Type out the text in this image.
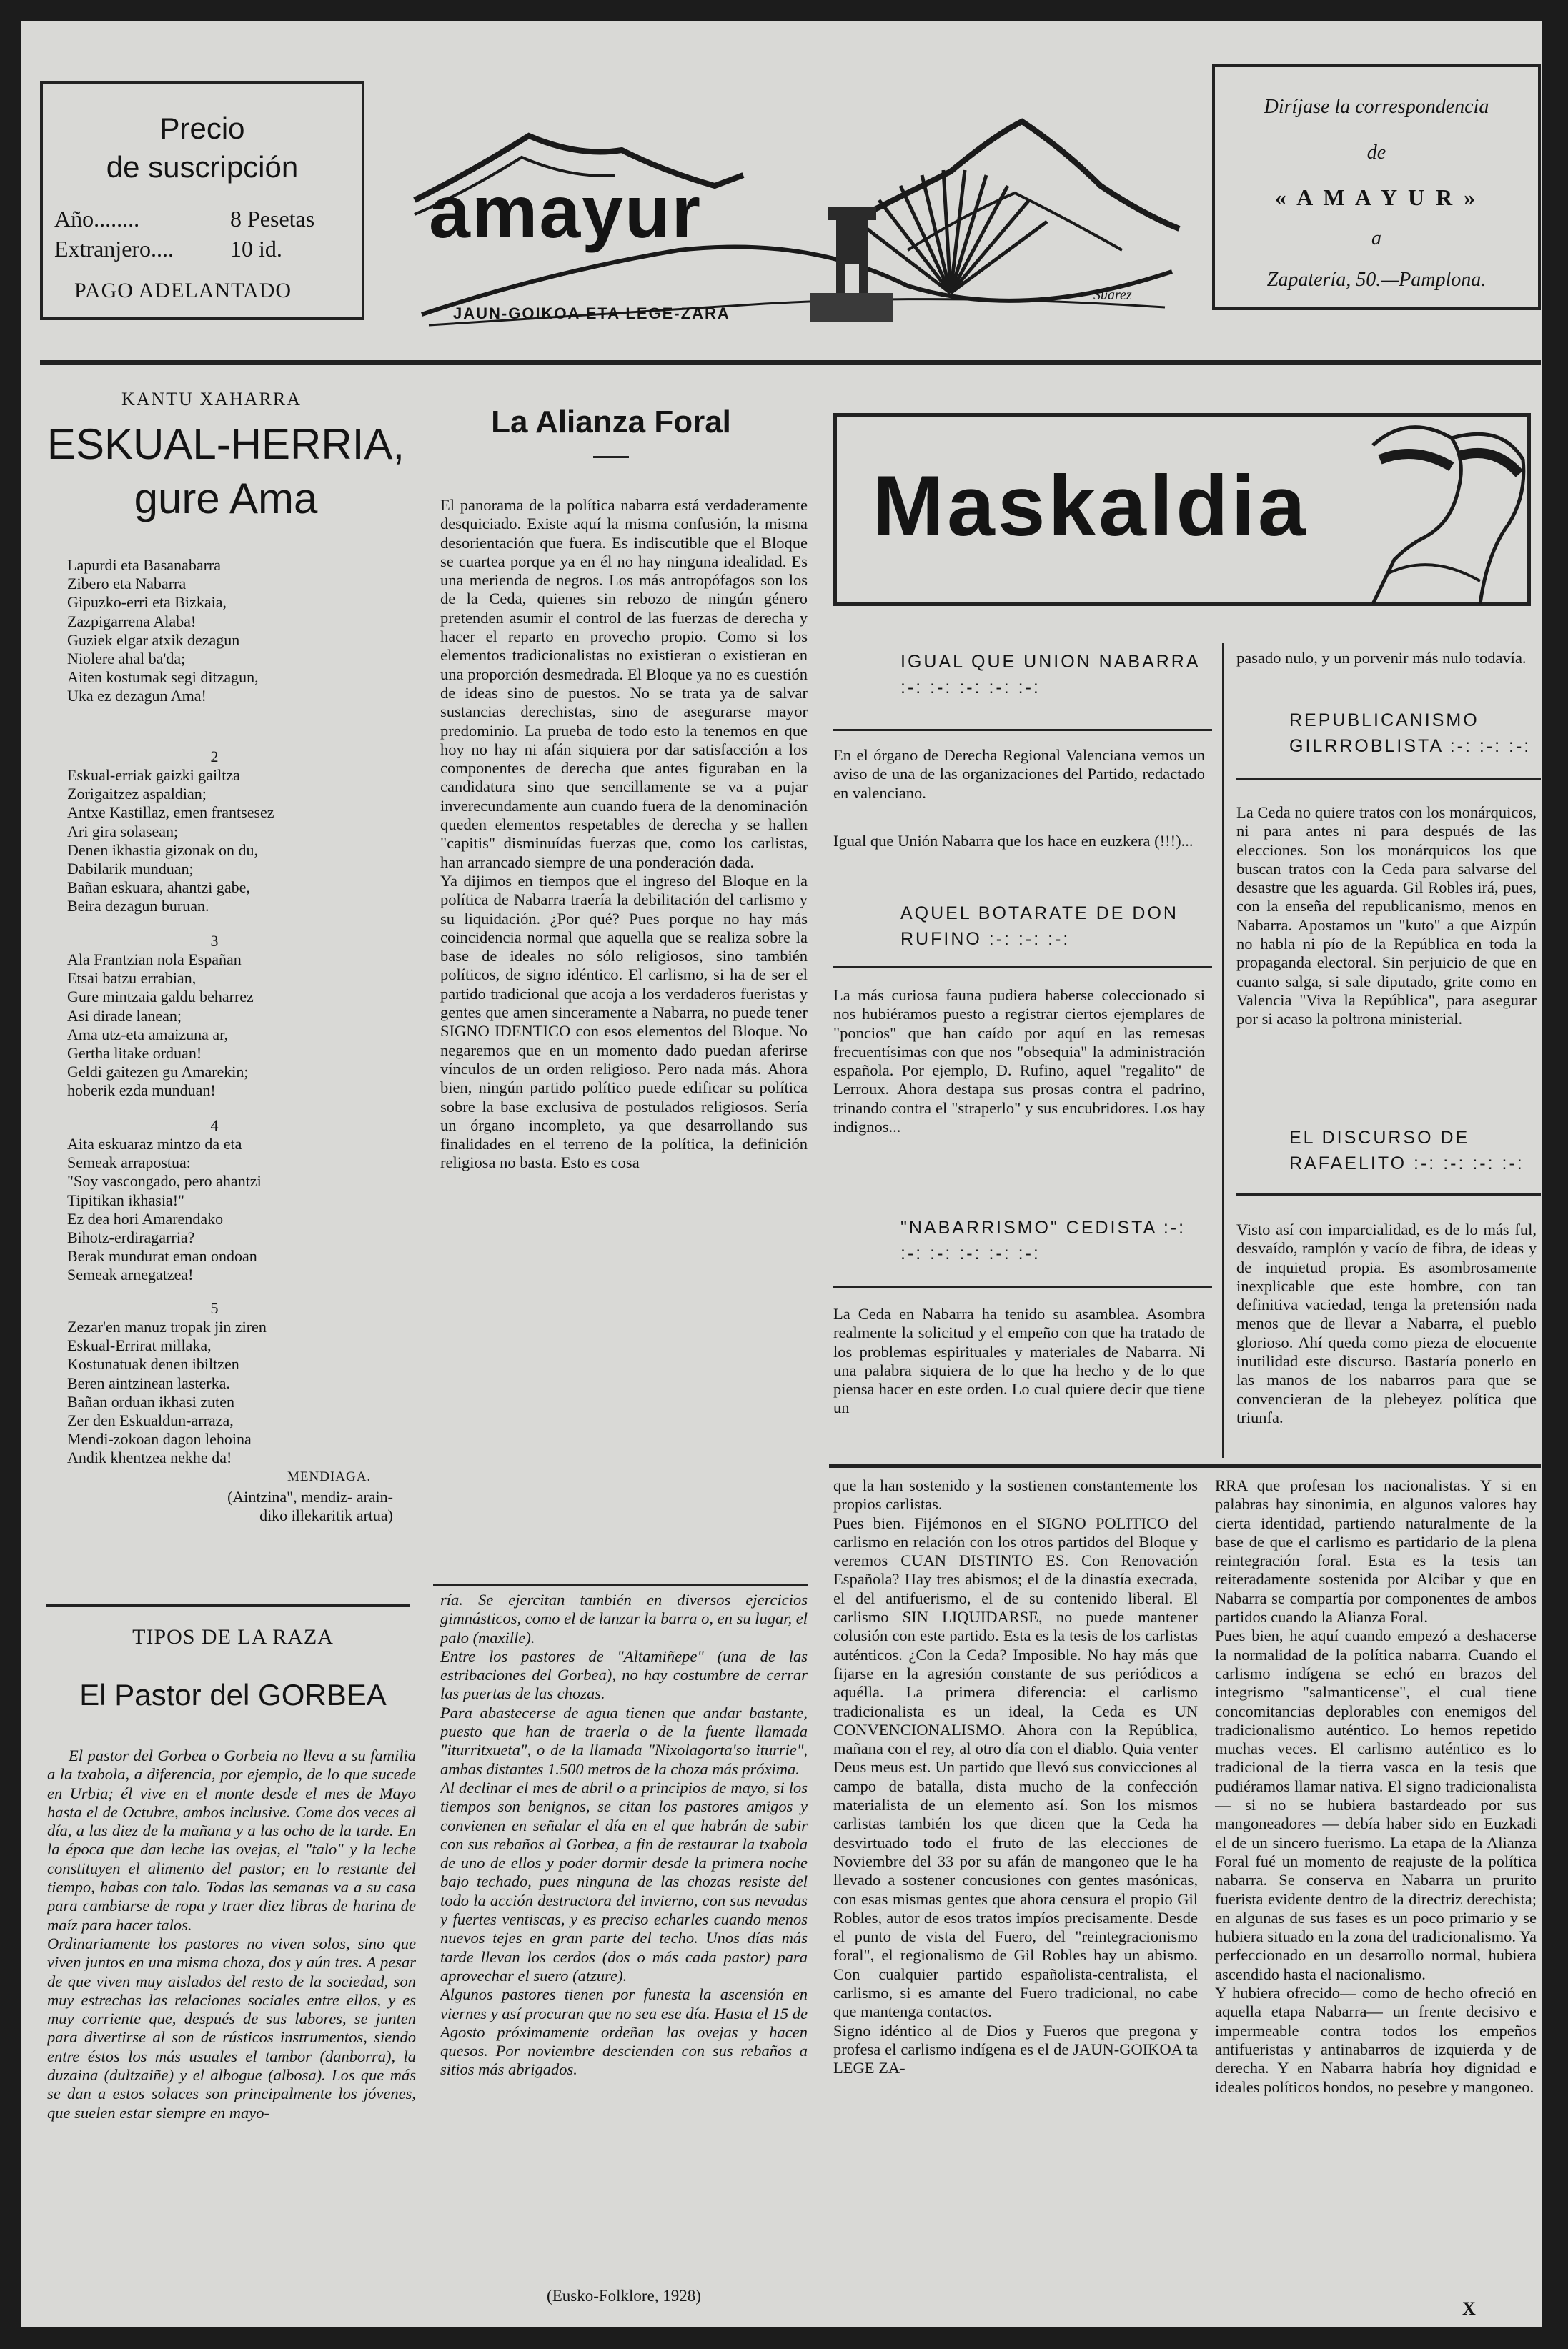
Precio
de suscripción
Año........	8 Pesetas
Extranjero.... 10 id.
PAGO ADELANTADO
amayur
JAUN-GOIKOA ETA LEGE-ZARA
Suarez
Diríjase la correspondencia
de
« A M A Y U R »
a
Zapatería, 50.—Pamplona.
KANTU XAHARRA
ESKUAL-HERRIA,
gure Ama
Lapurdi eta Basanabarra
Zibero eta Nabarra
Gipuzko-erri eta Bizkaia,
Zazpigarrena Alaba!
Guziek elgar atxik dezagun
Niolere ahal ba'da;
Aiten kostumak segi ditzagun,
Uka ez dezagun Ama!
2
Eskual-erriak gaizki gailtza
Zorigaitzez aspaldian;
Antxe Kastillaz, emen frantsesez
Ari gira solasean;
Denen ikhastia gizonak on du,
Dabilarik munduan;
Bañan eskuara, ahantzi gabe,
Beira dezagun buruan.
3
Ala Frantzian nola Españan
Etsai batzu errabian,
Gure mintzaia galdu beharrez
Asi dirade lanean;
Ama utz-eta amaizuna ar,
Gertha litake orduan!
Geldi gaitezen gu Amarekin;
hoberik ezda munduan!
4
Aita eskuaraz mintzo da eta
Semeak arrapostua:
"Soy vascongado, pero ahantzi
Tipitikan ikhasia!"
Ez dea hori Amarendako
Bihotz-erdiragarria?
Berak mundurat eman ondoan
Semeak arnegatzea!
5
Zezar'en manuz tropak jin ziren
Eskual-Errirat millaka,
Kostunatuak denen ibiltzen
Beren aintzinean lasterka.
Bañan orduan ikhasi zuten
Zer den Eskualdun-arraza,
Mendi-zokoan dagon lehoina
Andik khentzea nekhe da!
MENDIAGA.
(Aintzina", mendiz- arain-
diko illekaritik artua)
TIPOS DE LA RAZA
El Pastor del GORBEA
El pastor del Gorbea o Gorbeia no lleva a su familia a la txabola, a diferencia, por ejemplo, de lo que sucede en Urbia; él vive en el monte desde el mes de Mayo hasta el de Octubre, ambos inclusive. Come dos veces al día, a las diez de la mañana y a las ocho de la tarde. En la época que dan leche las ovejas, el "talo" y la leche constituyen el alimento del pastor; en lo restante del tiempo, habas con talo. Todas las semanas va a su casa para cambiarse de ropa y traer diez libras de harina de maíz para hacer talos.
Ordinariamente los pastores no viven solos, sino que viven juntos en una misma choza, dos y aún tres. A pesar de que viven muy aislados del resto de la sociedad, son muy estrechas las relaciones sociales entre ellos, y es muy corriente que, después de sus labores, se junten para divertirse al son de rústicos instrumentos, siendo entre éstos los más usuales el tambor (danborra), la duzaina (dultzaiñe) y el albogue (albosa). Los que más se dan a estos solaces son principalmente los jóvenes, que suelen estar siempre en mayo-
La Alianza Foral
El panorama de la política nabarra está verdaderamente desquiciado. Existe aquí la misma confusión, la misma desorientación que fuera. Es indiscutible que el Bloque se cuartea porque ya en él no hay ninguna idealidad. Es una merienda de negros. Los más antropófagos son los de la Ceda, quienes sin rebozo de ningún género pretenden asumir el control de las fuerzas de derecha y hacer el reparto en provecho propio. Como si los elementos tradicionalistas no existieran o existieran en una proporción desmedrada. El Bloque ya no es cuestión de ideas sino de puestos. No se trata ya de salvar sustancias derechistas, sino de asegurarse mayor predominio. La prueba de todo esto la tenemos en que hoy no hay ni afán siquiera por dar satisfacción a los componentes de derecha que antes figuraban en la candidatura sino que sencillamente se va a pujar inverecundamente aun cuando fuera de la denominación queden elementos respetables de derecha y se hallen "capitis" disminuídas fuerzas que, como los carlistas, han arrancado siempre de una ponderación dada.
Ya dijimos en tiempos que el ingreso del Bloque en la política de Nabarra traería la debilitación del carlismo y su liquidación. ¿Por qué? Pues porque no hay más coincidencia normal que aquella que se realiza sobre la base de ideales no sólo religiosos, sino también políticos, de signo idéntico. El carlismo, si ha de ser el partido tradicional que acoja a los verdaderos fueristas y gentes que amen sinceramente a Nabarra, no puede tener SIGNO IDENTICO con esos elementos del Bloque. No negaremos que en un momento dado puedan aferirse vínculos de un orden religioso. Pero nada más. Ahora bien, ningún partido político puede edificar su política sobre la base exclusiva de postulados religiosos. Sería un órgano incompleto, ya que desarrollando sus finalidades en el terreno de la política, la definición religiosa no basta. Esto es cosa
ría. Se ejercitan también en diversos ejercicios gimnásticos, como el de lanzar la barra o, en su lugar, el palo (maxille).
Entre los pastores de "Altamiñepe" (una de las estribaciones del Gorbea), no hay costumbre de cerrar las puertas de las chozas.
Para abastecerse de agua tienen que andar bastante, puesto que han de traerla o de la fuente llamada "iturritxueta", o de la llamada "Nixolagorta'so iturrie", ambas distantes 1.500 metros de la choza más próxima.
Al declinar el mes de abril o a principios de mayo, si los tiempos son benignos, se citan los pastores amigos y convienen en señalar el día en el que habrán de subir con sus rebaños al Gorbea, a fin de restaurar la txabola de uno de ellos y poder dormir desde la primera noche bajo techado, pues ninguna de las chozas resiste del todo la acción destructora del invierno, con sus nevadas y fuertes ventiscas, y es preciso echarles cuando menos nuevos tejes en gran parte del techo. Unos días más tarde llevan los cerdos (dos o más cada pastor) para aprovechar el suero (atzure).
Algunos pastores tienen por funesta la ascensión en viernes y así procuran que no sea ese día. Hasta el 15 de Agosto próximamente ordeñan las ovejas y hacen quesos. Por noviembre descienden con sus rebaños a sitios más abrigados.
(Eusko-Folklore, 1928)
Maskaldia
IGUAL QUE UNION NABARRA :-: :-: :-: :-: :-:
En el órgano de Derecha Regional Valenciana vemos un aviso de una de las organizaciones del Partido, redactado en valenciano.
Igual que Unión Nabarra que los hace en euzkera (!!!)...
AQUEL BOTARATE DE DON RUFINO :-: :-: :-:
La más curiosa fauna pudiera haberse coleccionado si nos hubiéramos puesto a registrar ciertos ejemplares de "poncios" que han caído por aquí en las remesas frecuentísimas con que nos "obsequia" la administración española. Por ejemplo, D. Rufino, aquel "regalito" de Lerroux. Ahora destapa sus prosas contra el padrino, trinando contra el "straperlo" y sus encubridores. Los hay indignos...
"NABARRISMO" CEDISTA :-: :-: :-: :-: :-: :-:
La Ceda en Nabarra ha tenido su asamblea. Asombra realmente la solicitud y el empeño con que ha tratado de los problemas espirituales y materiales de Nabarra. Ni una palabra siquiera de lo que ha hecho y de lo que piensa hacer en este orden. Lo cual quiere decir que tiene un
pasado nulo, y un porvenir más nulo todavía.
REPUBLICANISMO GILRROBLISTA :-: :-: :-:
La Ceda no quiere tratos con los monárquicos, ni para antes ni para después de las elecciones. Son los monárquicos los que buscan tratos con la Ceda para salvarse del desastre que les aguarda. Gil Robles irá, pues, con la enseña del republicanismo, menos en Nabarra. Apostamos un "kuto" a que Aizpún no habla ni pío de la República en toda la propaganda electoral. Sin perjuicio de que en cuanto salga, si sale diputado, grite como en Valencia "Viva la República", para asegurar por si acaso la poltrona ministerial.
EL DISCURSO DE RAFAELITO :-: :-: :-: :-:
Visto así con imparcialidad, es de lo más ful, desvaído, ramplón y vacío de fibra, de ideas y de inquietud propia. Es asombrosamente inexplicable que este hombre, con tan definitiva vaciedad, tenga la pretensión nada menos que de llevar a Nabarra, el pueblo glorioso. Ahí queda como pieza de elocuente inutilidad este discurso. Bastaría ponerlo en las manos de los nabarros para que se convencieran de la plebeyez política que triunfa.
que la han sostenido y la sostienen constantemente los propios carlistas.
Pues bien. Fijémonos en el SIGNO POLITICO del carlismo en relación con los otros partidos del Bloque y veremos CUAN DISTINTO ES. Con Renovación Española? Hay tres abismos; el de la dinastía execrada, el del antifuerismo, el de su contenido liberal. El carlismo SIN LIQUIDARSE, no puede mantener colusión con este partido. Esta es la tesis de los carlistas auténticos. ¿Con la Ceda? Imposible. No hay más que fijarse en la agresión constante de sus periódicos a aquélla. La primera diferencia: el carlismo tradicionalista es un ideal, la Ceda es UN CONVENCIONALISMO. Ahora con la República, mañana con el rey, al otro día con el diablo. Quia venter Deus meus est. Un partido que llevó sus convicciones al campo de batalla, dista mucho de la confección materialista de un elemento así. Son los mismos carlistas también los que dicen que la Ceda ha desvirtuado todo el fruto de las elecciones de Noviembre del 33 por su afán de mangoneo que le ha llevado a sostener concusiones con gentes masónicas, con esas mismas gentes que ahora censura el propio Gil Robles, autor de esos tratos impíos precisamente. Desde el punto de vista del Fuero, del "reintegracionismo foral", el regionalismo de Gil Robles hay un abismo. Con cualquier partido españolista-centralista, el carlismo, si es amante del Fuero tradicional, no cabe que mantenga contactos.
Signo idéntico al de Dios y Fueros que pregona y profesa el carlismo indígena es el de JAUN-GOIKOA ta LEGE ZA-
RRA que profesan los nacionalistas. Y si en palabras hay sinonimia, en algunos valores hay cierta identidad, partiendo naturalmente de la base de que el carlismo es partidario de la plena reintegración foral. Esta es la tesis tan reiteradamente sostenida por Alcibar y que en Nabarra se compartía por componentes de ambos partidos cuando la Alianza Foral.
Pues bien, he aquí cuando empezó a deshacerse la normalidad de la política nabarra. Cuando el carlismo indígena se echó en brazos del integrismo "salmanticense", el cual tiene concomitancias deplorables con enemigos del tradicionalismo auténtico. Lo hemos repetido muchas veces. El carlismo auténtico es lo tradicional de la tierra vasca en la tesis que pudiéramos llamar nativa. El signo tradicionalista — si no se hubiera bastardeado por sus mangoneadores — debía haber sido en Euzkadi el de un sincero fuerismo. La etapa de la Alianza Foral fué un momento de reajuste de la política nabarra. Se conserva en Nabarra un prurito fuerista evidente dentro de la directriz derechista; en algunas de sus fases es un poco primario y se hubiera situado en la zona del tradicionalismo. Ya perfeccionado en un desarrollo normal, hubiera ascendido hasta el nacionalismo.
Y hubiera ofrecido— como de hecho ofreció en aquella etapa Nabarra— un frente decisivo e impermeable contra todos los empeños antifueristas y antinabarros de izquierda y de derecha. Y en Nabarra habría hoy dignidad e ideales políticos hondos, no pesebre y mangoneo.
X
